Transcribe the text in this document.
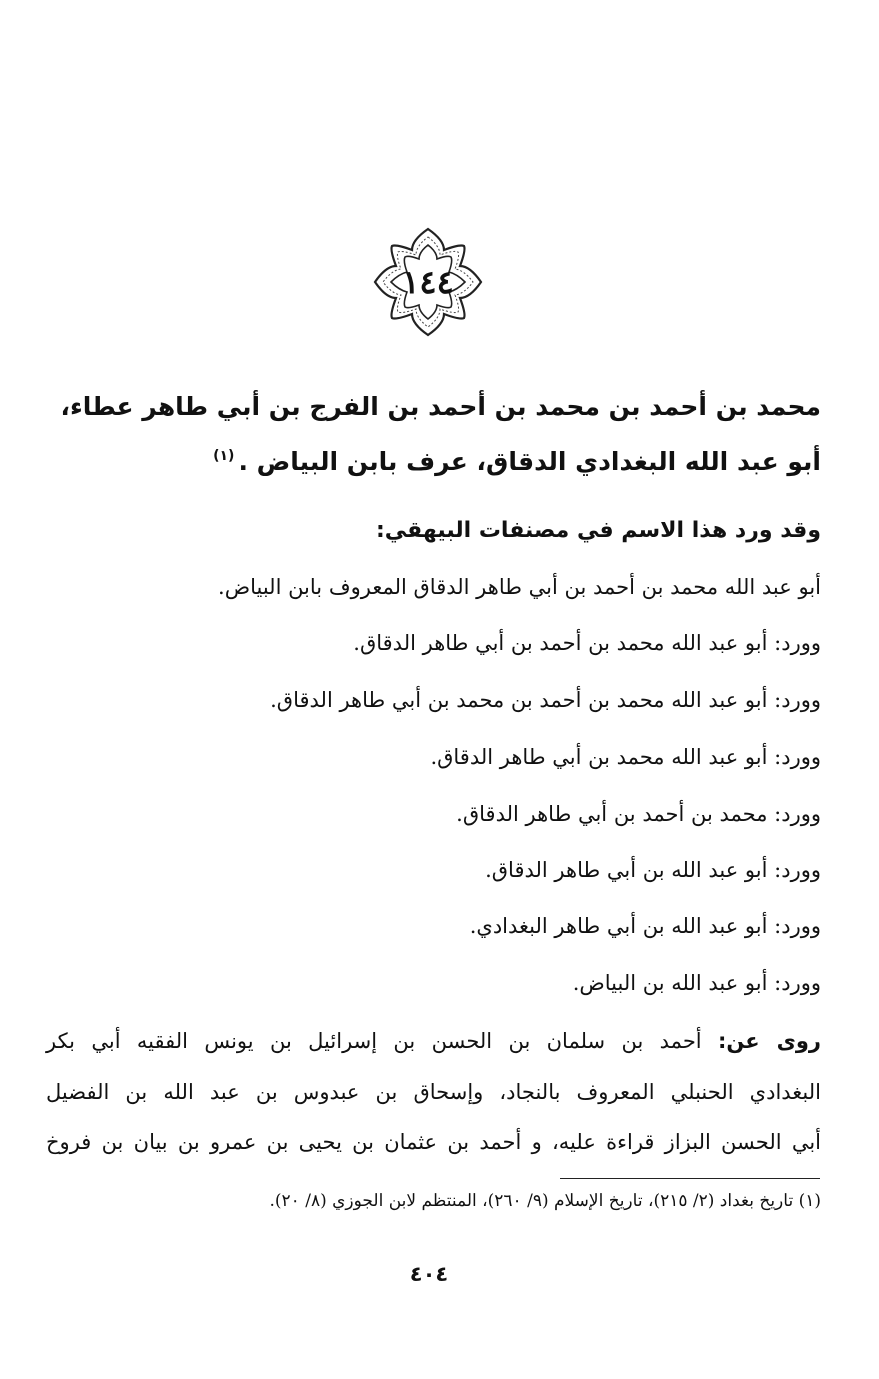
١٤٤
محمد بن أحمد بن محمد بن أحمد بن الفرج بن أبي طاهر عطاء،
أبو عبد الله البغدادي الدقاق، عرف بابن البياض .$^{(١)}$
وقد ورد هذا الاسم في مصنفات البيهقي:
أبو عبد الله محمد بن أحمد بن أبي طاهر الدقاق المعروف بابن البياض.
وورد: أبو عبد الله محمد بن أحمد بن أبي طاهر الدقاق.
وورد: أبو عبد الله محمد بن أحمد بن محمد بن أبي طاهر الدقاق.
وورد: أبو عبد الله محمد بن أبي طاهر الدقاق.
وورد: محمد بن أحمد بن أبي طاهر الدقاق.
وورد: أبو عبد الله بن أبي طاهر الدقاق.
وورد: أبو عبد الله بن أبي طاهر البغدادي.
وورد: أبو عبد الله بن البياض.
روى عن: أحمد بن سلمان بن الحسن بن إسرائيل بن يونس الفقيه أبي بكر
البغدادي الحنبلي المعروف بالنجاد، وإسحاق بن عبدوس بن عبد الله بن الفضيل
أبي الحسن البزاز قراءة عليه، و أحمد بن عثمان بن يحيى بن عمرو بن بيان بن فروخ
(١) تاريخ بغداد (٢/ ٢١٥)، تاريخ الإسلام (٩/ ٢٦٠)، المنتظم لابن الجوزي (٨/ ٢٠).
٤٠٤
